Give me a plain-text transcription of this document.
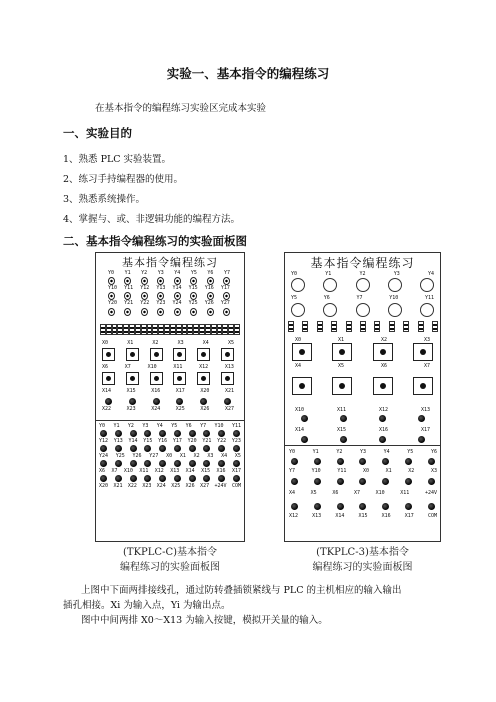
实验一、基本指令的编程练习
在基本指令的编程练习实验区完成本实验
一、实验目的
1、熟悉 PLC 实验装置。
2、练习手持编程器的使用。
3、熟悉系统操作。
4、掌握与、或、非逻辑功能的编程方法。
二、基本指令编程练习的实验面板图
基本指令编程练习
Y0 Y1 Y2 Y3 Y4 Y5 Y6 Y7
Y10 Y11 Y12 Y13 Y14 Y15 Y16 Y17
Y20 Y21 Y22 Y23 Y24 Y25 Y26 Y27
X0	X1	X2	X3	X4	X5
X6	X7	X10	X11	X12	X13
X14	X15	X16	X17	X20	X21
X22	X23	X24	X25	X26	X27
Y0 Y1 Y2 Y3 Y4 Y5 Y6 Y7 Y10 Y11
Y12 Y13 Y14 Y15 Y16 Y17 Y20 Y21 Y22 Y23
Y24 Y25 Y26 Y27 X0 X1 X2 X3 X4 X5
X6 X7 X10 X11 X12 X13 X14 X15 X16 X17
X20 X21 X22 X23 X24 X25 X26 X27 +24V COM
基本指令编程练习
Y0	Y1	Y2	Y3	Y4
Y5	Y6	Y7	Y10	Y11
X0	X1	X2	X3
X4	X5	X6	X7
X10	X11	X12	X13
X14	X15	X16	X17
Y0	Y1	Y2	Y3	Y4	Y5	Y6
Y7	Y10	Y11	X0	X1	X2	X3
X4	X5	X6	X7	X10	X11	+24V
X12	X13	X14	X15	X16	X17	COM
(TKPLC-C)基本指令
编程练习的实验面板图
(TKPLC-3)基本指令
编程练习的实验面板图
上图中下面两排接线孔，通过防转叠插锁紧线与 PLC 的主机相应的输入输出
插孔相接。Xi 为输入点，Yi 为输出点。
图中中间两排 X0～X13 为输入按键，模拟开关量的输入。
